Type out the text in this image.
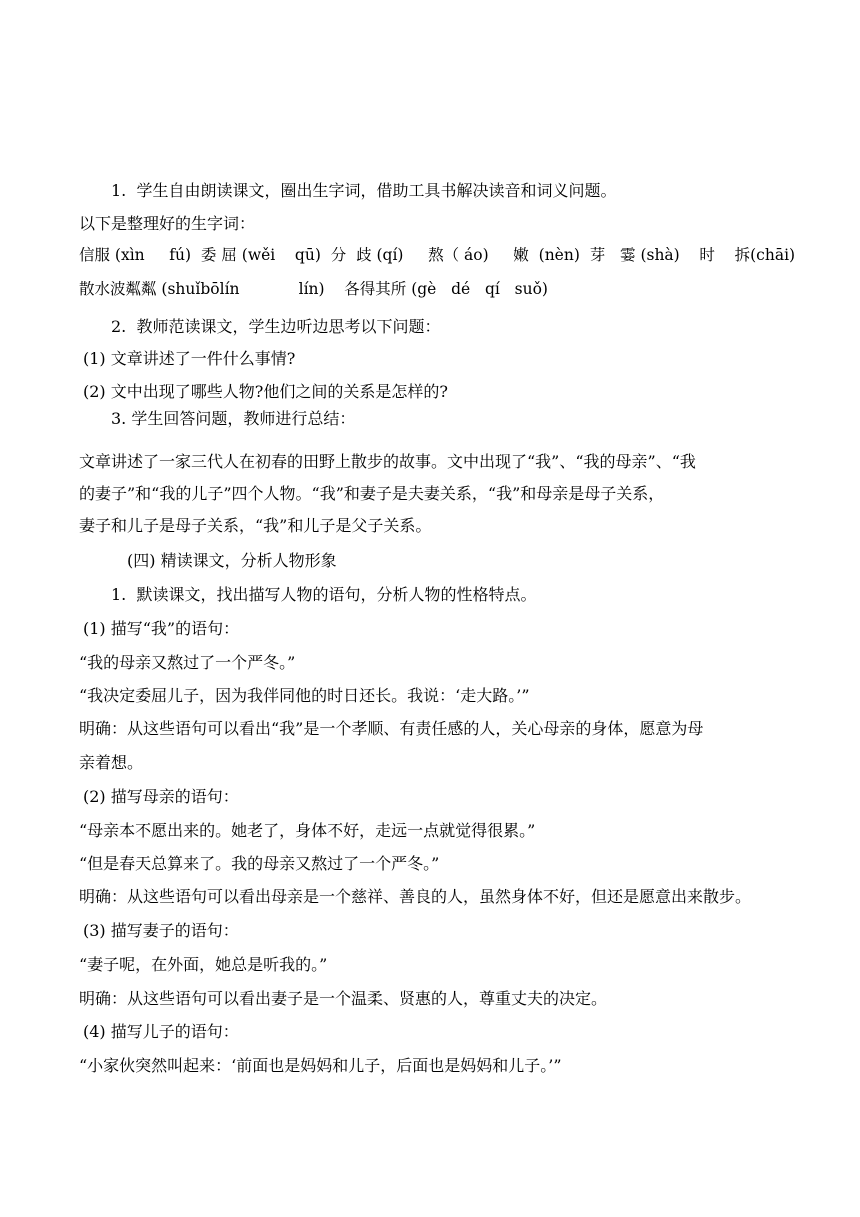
1.  学生自由朗读课文，圈出生字词，借助工具书解决读音和词义问题。
以下是整理好的生字词：
信服 (xìn     fú)  委 屈 (wěi    qū)  分  歧 (qí)     熬（ áo)     嫩  (nèn)  芽   霎 (shà)    时    拆(chāi)
散水波粼粼 (shuǐbōlín            lín)    各得其所 (gè   dé   qí   suǒ)
2.  教师范读课文，学生边听边思考以下问题：
(1) 文章讲述了一件什么事情?
(2) 文中出现了哪些人物?他们之间的关系是怎样的?
3. 学生回答问题，教师进行总结：
文章讲述了一家三代人在初春的田野上散步的故事。文中出现了“我”、“我的母亲”、“我
的妻子”和“我的儿子”四个人物。“我”和妻子是夫妻关系，“我”和母亲是母子关系，
妻子和儿子是母子关系，“我”和儿子是父子关系。
(四) 精读课文，分析人物形象
1.  默读课文，找出描写人物的语句，分析人物的性格特点。
(1) 描写“我”的语句：
“我的母亲又熬过了一个严冬。”
“我决定委屈儿子，因为我伴同他的时日还长。我说：‘走大路。’”
明确：从这些语句可以看出“我”是一个孝顺、有责任感的人，关心母亲的身体，愿意为母
亲着想。
(2) 描写母亲的语句：
“母亲本不愿出来的。她老了，身体不好，走远一点就觉得很累。”
“但是春天总算来了。我的母亲又熬过了一个严冬。”
明确：从这些语句可以看出母亲是一个慈祥、善良的人，虽然身体不好，但还是愿意出来散步。
(3) 描写妻子的语句：
“妻子呢，在外面，她总是听我的。”
明确：从这些语句可以看出妻子是一个温柔、贤惠的人，尊重丈夫的决定。
(4) 描写儿子的语句：
“小家伙突然叫起来：‘前面也是妈妈和儿子，后面也是妈妈和儿子。’”
